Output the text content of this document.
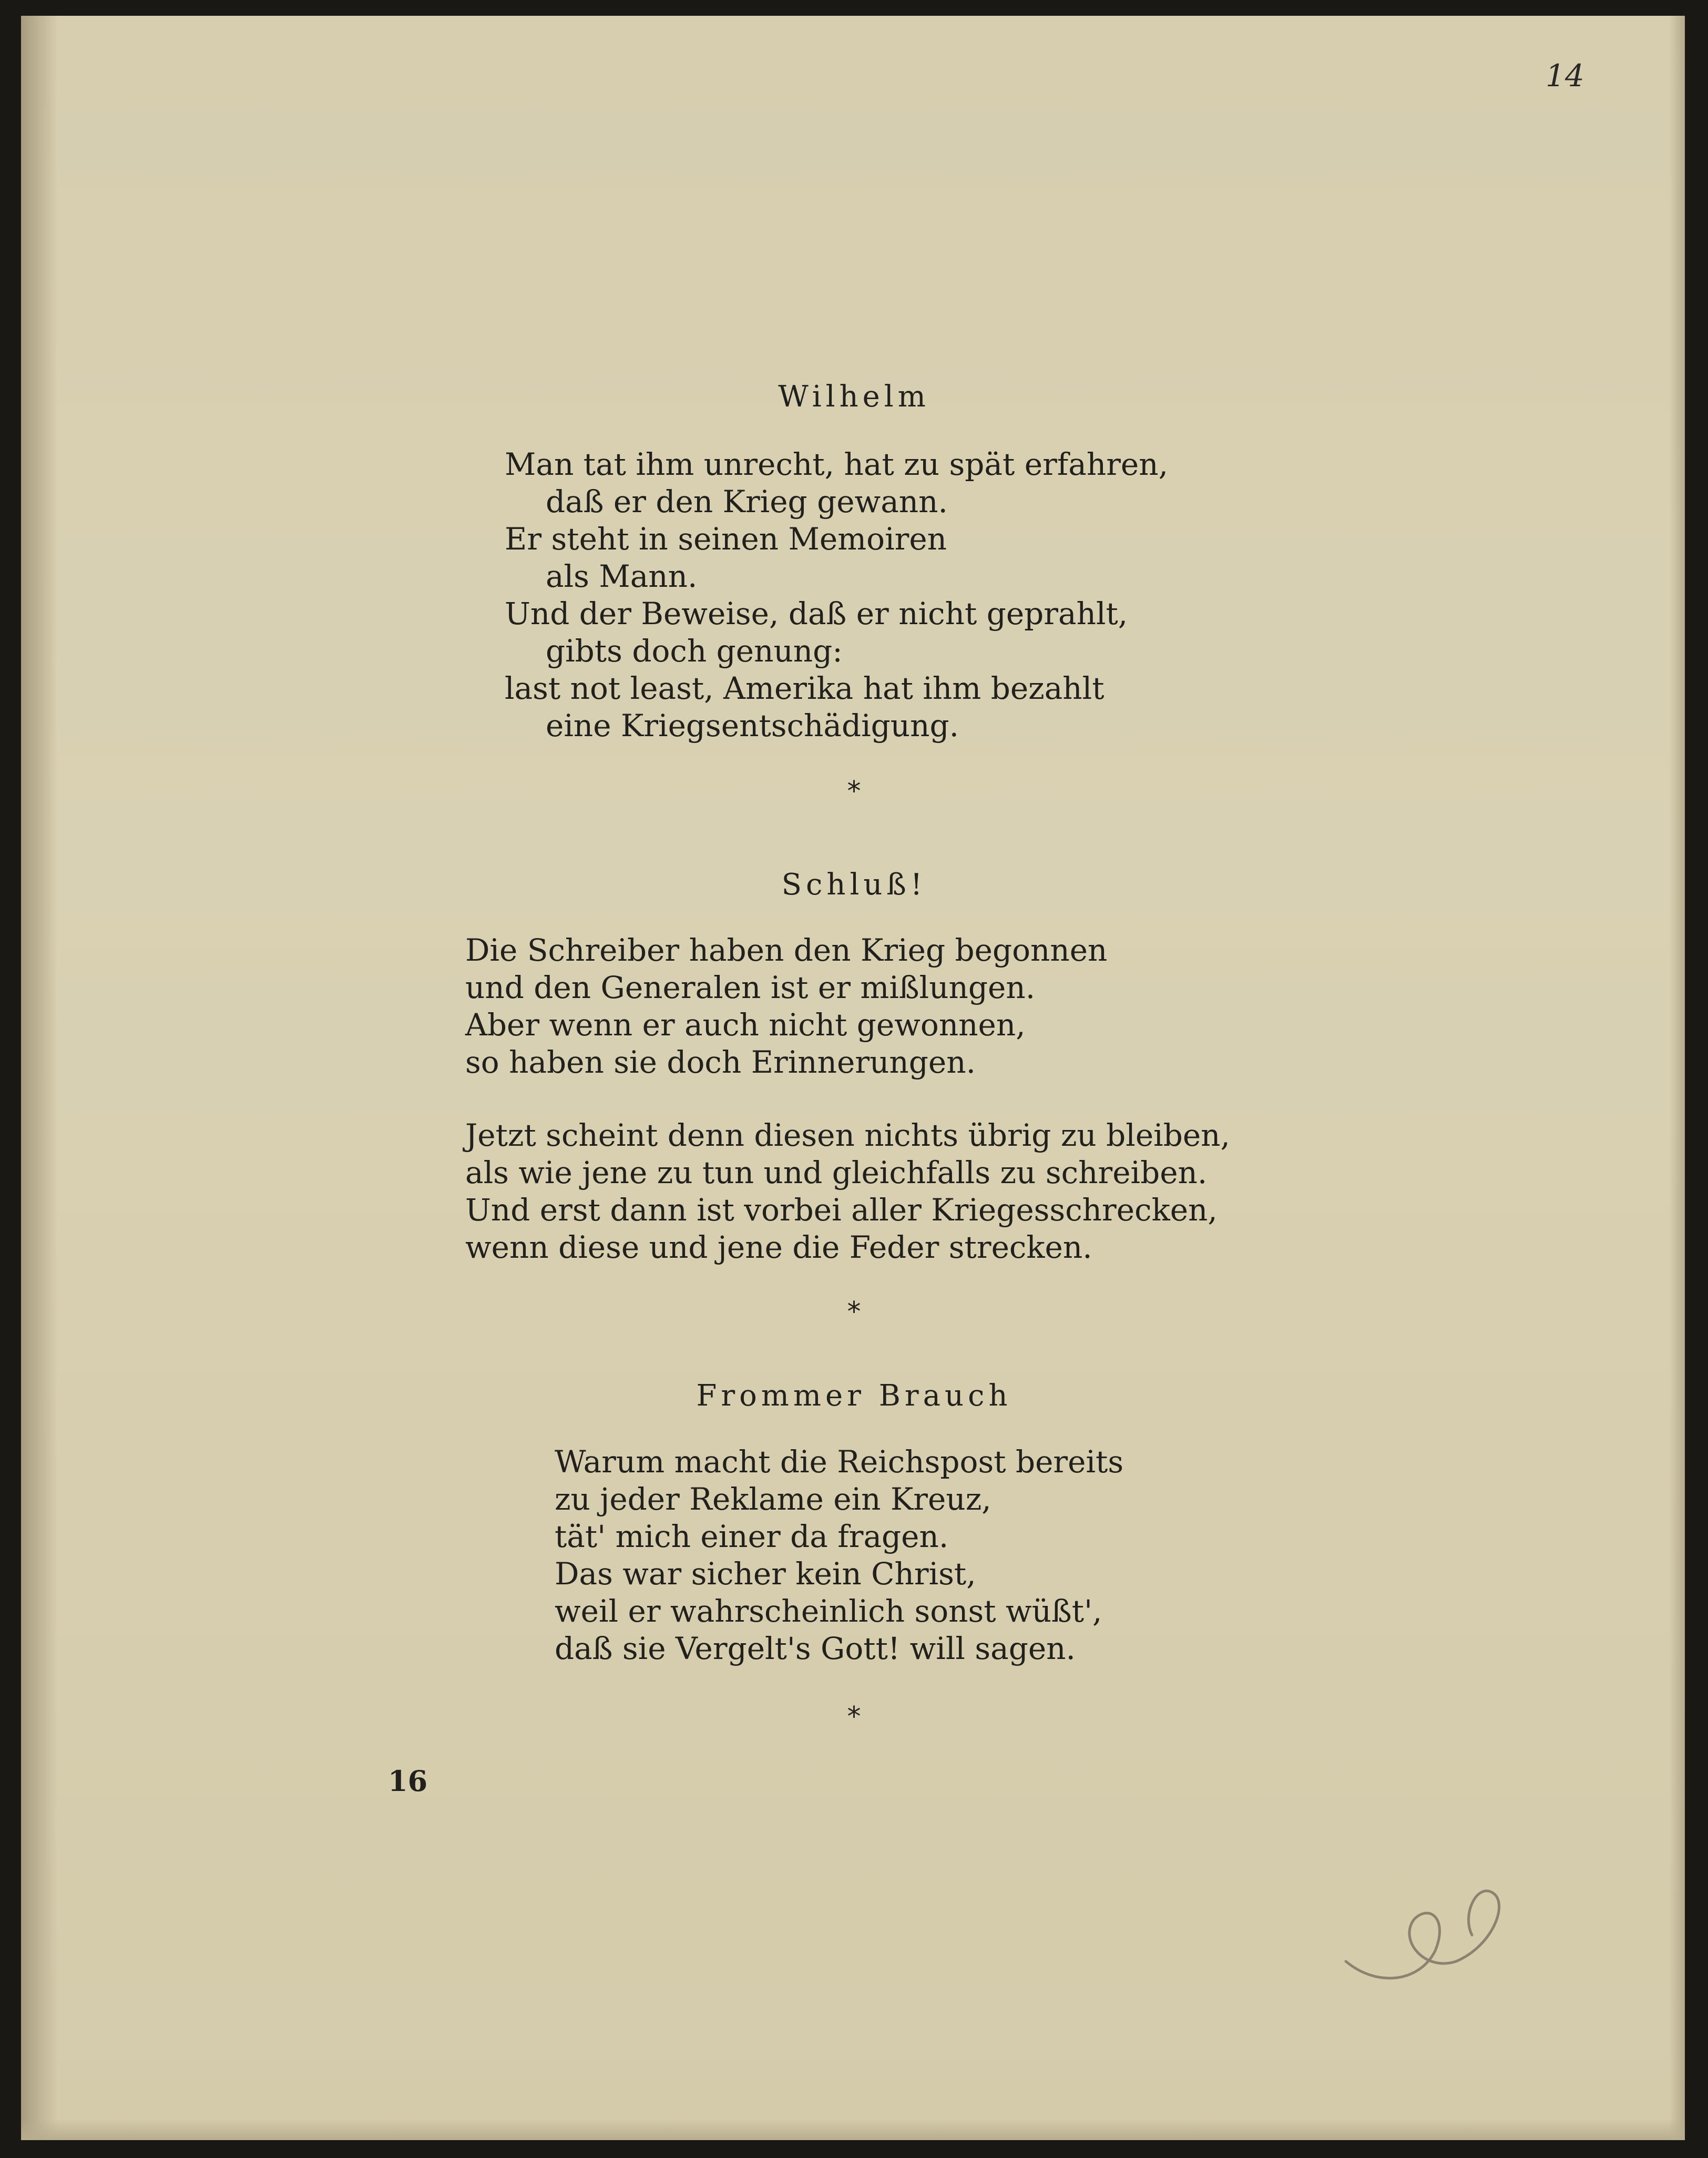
14
Wilhelm
Man tat ihm unrecht, hat zu spät erfahren,
daß er den Krieg gewann.
Er steht in seinen Memoiren
als Mann.
Und der Beweise, daß er nicht geprahlt,
gibts doch genung:
last not least, Amerika hat ihm bezahlt
eine Kriegsentschädigung.
*
Schluß!
Die Schreiber haben den Krieg begonnen
und den Generalen ist er mißlungen.
Aber wenn er auch nicht gewonnen,
so haben sie doch Erinnerungen.
Jetzt scheint denn diesen nichts übrig zu bleiben,
als wie jene zu tun und gleichfalls zu schreiben.
Und erst dann ist vorbei aller Kriegesschrecken,
wenn diese und jene die Feder strecken.
*
Frommer Brauch
Warum macht die Reichspost bereits
zu jeder Reklame ein Kreuz,
tät' mich einer da fragen.
Das war sicher kein Christ,
weil er wahrscheinlich sonst wüßt',
daß sie Vergelt's Gott! will sagen.
*
16
